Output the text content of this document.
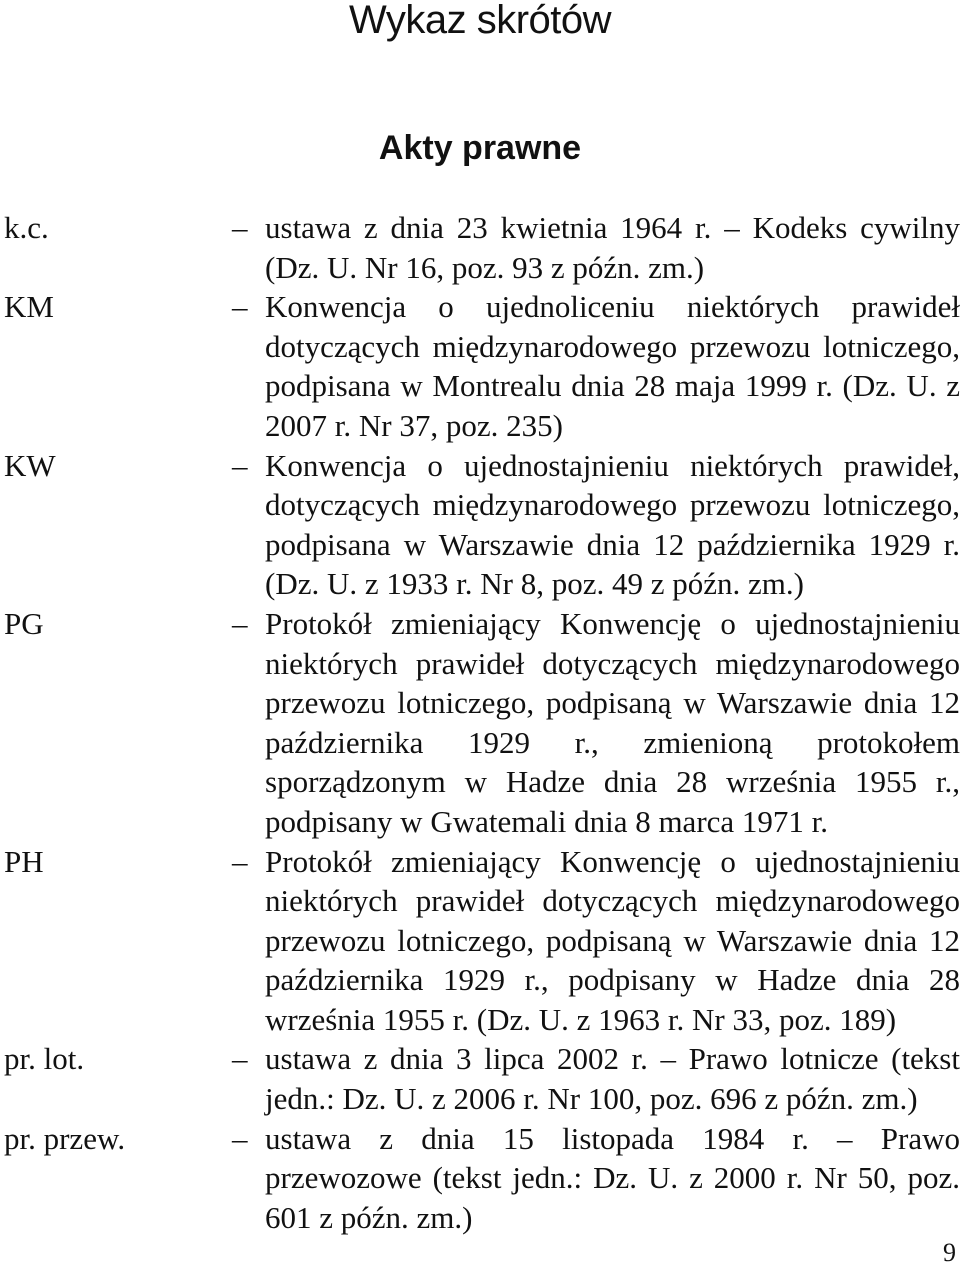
Wykaz skrótów
Akty prawne
k.c.	– ustawa z dnia 23 kwietnia 1964 r. – Kodeks cywilny (Dz. U. Nr 16, poz. 93 z późn. zm.)
KM	– Konwencja o ujednoliceniu niektórych prawideł dotyczących międzynarodowego przewozu lotniczego, podpisana w Montrealu dnia 28 maja 1999 r. (Dz. U. z 2007 r. Nr 37, poz. 235)
KW	– Konwencja o ujednostajnieniu niektórych prawideł, dotyczących międzynarodowego przewozu lotniczego, podpisana w Warszawie dnia 12 października 1929 r. (Dz. U. z 1933 r. Nr 8, poz. 49 z późn. zm.)
PG	– Protokół zmieniający Konwencję o ujednostajnieniu niektórych prawideł dotyczących międzynarodowego przewozu lotniczego, podpisaną w Warszawie dnia 12 października 1929 r., zmienioną protokołem sporządzonym w Hadze dnia 28 września 1955 r., podpisany w Gwatemali dnia 8 marca 1971 r.
PH	– Protokół zmieniający Konwencję o ujednostajnieniu niektórych prawideł dotyczących międzynarodowego przewozu lotniczego, podpisaną w Warszawie dnia 12 października 1929 r., podpisany w Hadze dnia 28 września 1955 r. (Dz. U. z 1963 r. Nr 33, poz. 189)
pr. lot.	– ustawa z dnia 3 lipca 2002 r. – Prawo lotnicze (tekst jedn.: Dz. U. z 2006 r. Nr 100, poz. 696 z późn. zm.)
pr. przew.	– ustawa z dnia 15 listopada 1984 r. – Prawo przewozowe (tekst jedn.: Dz. U. z 2000 r. Nr 50, poz. 601 z późn. zm.)
9
